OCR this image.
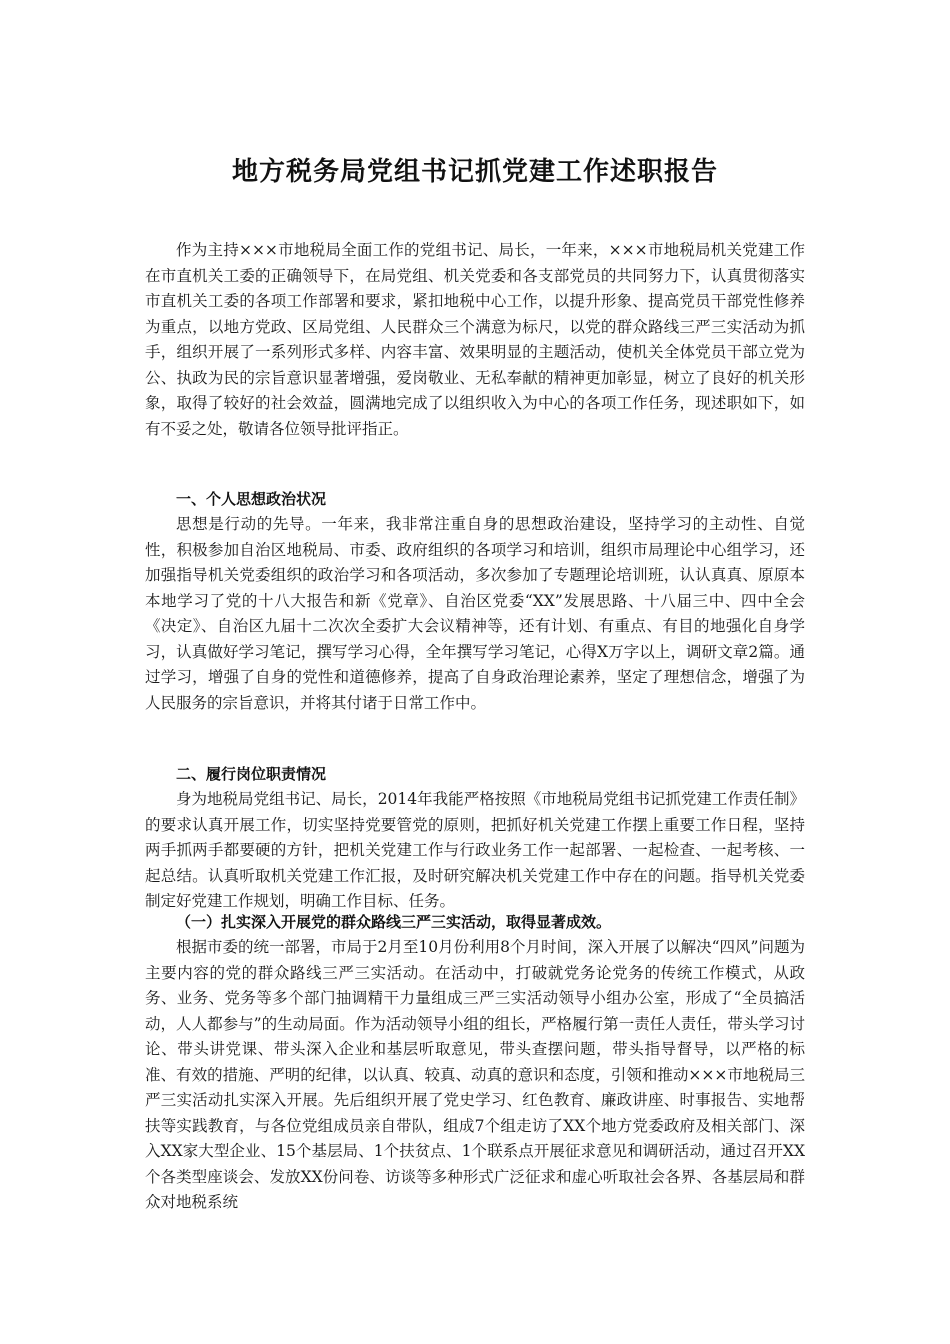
地方税务局党组书记抓党建工作述职报告

作为主持×××市地税局全面工作的党组书记、局长，一年来，×××市地税局机关党建工作在市直机关工委的正确领导下，在局党组、机关党委和各支部党员的共同努力下，认真贯彻落实市直机关工委的各项工作部署和要求，紧扣地税中心工作，以提升形象、提高党员干部党性修养为重点，以地方党政、区局党组、人民群众三个满意为标尺，以党的群众路线三严三实活动为抓手，组织开展了一系列形式多样、内容丰富、效果明显的主题活动，使机关全体党员干部立党为公、执政为民的宗旨意识显著增强，爱岗敬业、无私奉献的精神更加彰显，树立了良好的机关形象，取得了较好的社会效益，圆满地完成了以组织收入为中心的各项工作任务，现述职如下，如有不妥之处，敬请各位领导批评指正。

一、个人思想政治状况

思想是行动的先导。一年来，我非常注重自身的思想政治建设，坚持学习的主动性、自觉性，积极参加自治区地税局、市委、政府组织的各项学习和培训，组织市局理论中心组学习，还加强指导机关党委组织的政治学习和各项活动，多次参加了专题理论培训班，认认真真、原原本本地学习了党的十八大报告和新《党章》、自治区党委“XX”发展思路、十八届三中、四中全会《决定》、自治区九届十二次次全委扩大会议精神等，还有计划、有重点、有目的地强化自身学习，认真做好学习笔记，撰写学习心得，全年撰写学习笔记，心得X万字以上，调研文章2篇。通过学习，增强了自身的党性和道德修养，提高了自身政治理论素养，坚定了理想信念，增强了为人民服务的宗旨意识，并将其付诸于日常工作中。

二、履行岗位职责情况

身为地税局党组书记、局长，2014年我能严格按照《市地税局党组书记抓党建工作责任制》的要求认真开展工作，切实坚持党要管党的原则，把抓好机关党建工作摆上重要工作日程，坚持两手抓两手都要硬的方针，把机关党建工作与行政业务工作一起部署、一起检查、一起考核、一起总结。认真听取机关党建工作汇报，及时研究解决机关党建工作中存在的问题。指导机关党委制定好党建工作规划，明确工作目标、任务。

（一）扎实深入开展党的群众路线三严三实活动，取得显著成效。

根据市委的统一部署，市局于2月至10月份利用8个月时间，深入开展了以解决“四风”问题为主要内容的党的群众路线三严三实活动。在活动中，打破就党务论党务的传统工作模式，从政务、业务、党务等多个部门抽调精干力量组成三严三实活动领导小组办公室，形成了“全员搞活动，人人都参与”的生动局面。作为活动领导小组的组长，严格履行第一责任人责任，带头学习讨论、带头讲党课、带头深入企业和基层听取意见，带头查摆问题，带头指导督导，以严格的标准、有效的措施、严明的纪律，以认真、较真、动真的意识和态度，引领和推动×××市地税局三严三实活动扎实深入开展。先后组织开展了党史学习、红色教育、廉政讲座、时事报告、实地帮扶等实践教育，与各位党组成员亲自带队，组成7个组走访了XX个地方党委政府及相关部门、深入XX家大型企业、15个基层局、1个扶贫点、1个联系点开展征求意见和调研活动，通过召开XX个各类型座谈会、发放XX份问卷、访谈等多种形式广泛征求和虚心听取社会各界、各基层局和群众对地税系统
